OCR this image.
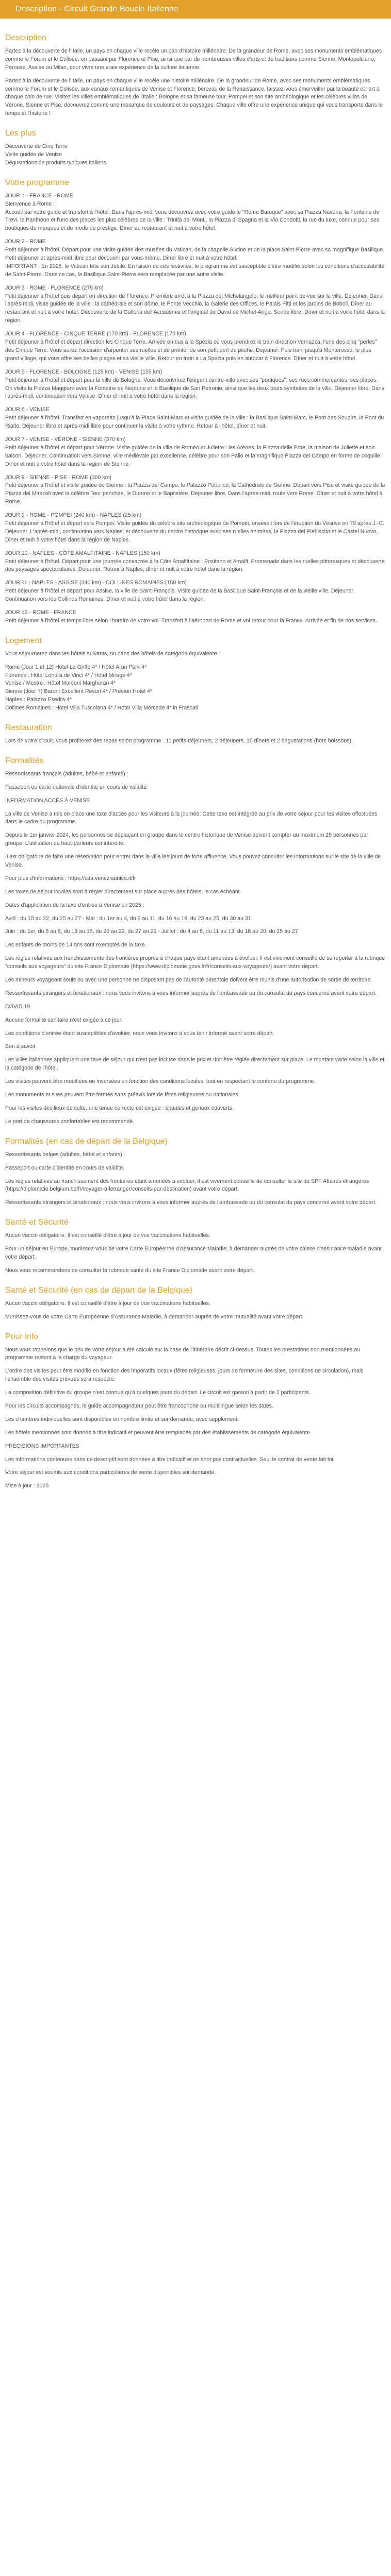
Description - Circuit Grande Boucle Italienne
Description

Partez à la découverte de l'Italie, un pays en chaque ville recèle un pan d'histoire millénaire. De la grandeur de Rome, avec ses monuments emblématiques comme le Forum et le Colisée, en passant par Florence et Pise, ainsi que par de nombreuses villes d'arts et de traditions comme Sienne, Montepulciano, Pérouse, Assise ou Milan, pour vivre une vraie expérience de la culture italienne.

Partez à la découverte de l'Italie, un pays en chaque ville recèle une histoire millénaire. De la grandeur de Rome, avec ses monuments emblématiques comme le Forum et le Colisée, aux canaux romantiques de Venise et Florence, berceau de la Renaissance, laissez-vous émerveiller par la beauté et l'art à chaque coin de rue. Visitez les villes emblématiques de l'Italie : Bologne et sa fameuse tour, Pompei et son site archéologique et les célèbres villas de Vérone, Sienne et Pise, découvrez comme une mosaïque de couleurs et de paysages. Chaque ville offre une expérience unique qui vous transporte dans le temps et l'histoire !

Les plus
Découverte de Cinq Terre
Visite guidée de Venise
Dégustations de produits typiques italiens
Votre programme
JOUR 1 - FRANCE - ROME
Bienvenue à Rome !
Accueil par votre guide et transfert à l'hôtel. Dans l'après-midi vous découvrez avec votre guide le "Rome Baroque" avec sa Piazza Navona, la Fontaine de Trevi, le Panthéon et l'une des places les plus célèbres de la ville : Trinità dei Monti, la Piazza di Spagna et la Via Condotti, la rue du luxe, connue pour ses boutiques de marques et de mode de prestige. Dîner au restaurant et nuit à votre hôtel.
JOUR 2 - ROME
Petit déjeuner à l'hôtel. Départ pour une visite guidée des musées du Vatican, de la chapelle Sixtine et de la place Saint-Pierre avec sa magnifique Basilique. Petit déjeuner et après-midi libre pour découvrir par vous-même. Dîner libre et nuit à votre hôtel.
IMPORTANT : En 2025, le Vatican fête son Jubilé. En raison de ces festivités, le programme est susceptible d'être modifié selon les conditions d'accessibilité de Saint-Pierre. Dans ce cas, la Basilique Saint-Pierre sera remplacée par une autre visite.
JOUR 3 - ROME - FLORENCE (275 km)
Petit déjeuner à l'hôtel puis départ en direction de Florence. Première arrêt à la Piazza del Michelangelo, le meilleur point de vue sur la ville. Déjeuner. Dans l'après-midi, visite guidée de la ville : la cathédrale et son dôme, le Ponte Vecchio, la Galerie des Offices, le Palais Pitti et les jardins de Boboli. Dîner au restaurant et nuit à votre hôtel. Découverte de la Galleria dell'Accademia et l'original du David de Michel-Ange. Soirée libre. Dîner et nuit à votre hôtel dans la région.
JOUR 4 - FLORENCE - CINQUE TERRE (170 km) - FLORENCE (170 km)
Petit déjeuner à l'hôtel et départ direction les Cinque Terre. Arrivée en bus à la Spezia où vous prendrez le train direction Vernazza, l'une des cinq "perles" des Cinque Terre. Vous aurez l'occasion d'arpenter ses ruelles et de profiter de son petit port de pêche. Déjeuner. Puis train jusqu'à Monterosso, le plus grand village, qui vous offre ses belles plages et sa vieille ville. Retour en train à La Spezia puis en autocar à Florence. Dîner et nuit à votre hôtel.
JOUR 5 - FLORENCE - BOLOGNE (125 km) - VENISE (155 km)
Petit déjeuner à l'hôtel et départ pour la ville de Bologne. Vous découvrirez l'élégant centre-ville avec ses "portiques", ses rues commerçantes, ses places. On visite la Piazza Maggiore avec la Fontaine de Neptune et la Basilique de San Petronio, ainsi que les deux tours symboles de la ville. Déjeuner libre. Dans l'après-midi, continuation vers Venise. Dîner et nuit à votre hôtel dans la région.
JOUR 6 - VENISE
Petit déjeuner à l'hôtel. Transfert en vaporetto jusqu'à la Place Saint-Marc et visite guidée de la ville : la Basilique Saint-Marc, le Pont des Soupirs, le Pont du Rialto. Déjeuner libre et après-midi libre pour continuer la visite à votre rythme. Retour à l'hôtel, dîner et nuit.
JOUR 7 - VENISE - VÉRONE - SIENNE (370 km)
Petit déjeuner à l'hôtel et départ pour Vérone. Visite guidée de la ville de Roméo et Juliette : les Arènes, la Piazza delle Erbe, la maison de Juliette et son balcon. Déjeuner. Continuation vers Sienne, ville médiévale par excellence, célèbre pour son Palio et la magnifique Piazza del Campo en forme de coquille. Dîner et nuit à votre hôtel dans la région de Sienne.
JOUR 8 - SIENNE - PISE - ROME (360 km)
Petit déjeuner à l'hôtel et visite guidée de Sienne : la Piazza del Campo, le Palazzo Pubblico, la Cathédrale de Sienne. Départ vers Pise et visite guidée de la Piazza dei Miracoli avec la célèbre Tour penchée, le Duomo et le Baptistère. Déjeuner libre. Dans l'après-midi, route vers Rome. Dîner et nuit à votre hôtel à Rome.
JOUR 9 - ROME - POMPEI (240 km) - NAPLES (25 km)
Petit déjeuner à l'hôtel et départ vers Pompéi. Visite guidée du célèbre site archéologique de Pompéi, enseveli lors de l'éruption du Vésuve en 79 après J.-C. Déjeuner. L'après-midi, continuation vers Naples, et découverte du centre historique avec ses ruelles animées, la Piazza del Plebiscito et le Castel Nuovo. Dîner et nuit à votre hôtel dans la région de Naples.
JOUR 10 - NAPLES - CÔTE AMALFITAINE - NAPLES (150 km)
Petit déjeuner à l'hôtel. Départ pour une journée consacrée à la Côte Amalfitaine : Positano et Amalfi. Promenade dans les ruelles pittoresques et découverte des paysages spectaculaires. Déjeuner. Retour à Naples, dîner et nuit à votre hôtel dans la région.
JOUR 11 - NAPLES - ASSISE (340 km) - COLLINES ROMAINES (150 km)
Petit déjeuner à l'hôtel et départ pour Assise, la ville de Saint-François. Visite guidée de la Basilique Saint-François et de la vieille ville. Déjeuner. Continuation vers les Collines Romaines. Dîner et nuit à votre hôtel dans la région.
JOUR 12 - ROME - FRANCE
Petit déjeuner à l'hôtel et temps libre selon l'horaire de votre vol. Transfert à l'aéroport de Rome et vol retour pour la France. Arrivée et fin de nos services.
Logement

Vous séjournerez dans les hôtels suivants, ou dans des hôtels de catégorie équivalente :

Rome (Jour 1 et 12) Hôtel La Griffe 4* / Hôtel Aran Park 4*
Florence : Hôtel Londra de Vinci 4* / Hôtel Mirage 4*
Venise / Mestre : Hôtel Marconi Margheran 4*
Sienne (Jour 7) Baroni Excellent Resort 4* / Preston Hotel 4*
Naples : Palazzo Esedra 4*
Collines Romaines : Hotel Villa Tuscolana 4* / Hotel Villa Mercede 4* in Frascati
Restauration

Lors de votre circuit, vous profiterez des repas selon programme : 11 petits-déjeuners, 2 déjeuners, 10 dîners et 2 dégustations (hors boissons).

Formalités

Ressortissants français (adultes, bébé et enfants) :

Passeport ou carte nationale d'identité en cours de validité.

INFORMATION ACCÈS À VENISE

La ville de Venise a mis en place une taxe d'accès pour les visiteurs à la journée. Cette taxe est intégrée au prix de votre séjour pour les visites effectuées dans le cadre du programme.

Depuis le 1er janvier 2024, les personnes se déplaçant en groupe dans le centre historique de Venise doivent compter au maximum 25 personnes par groupe. L'utilisation de haut-parleurs est interdite.

Il est obligatoire de faire une réservation pour entrer dans la ville les jours de forte affluence. Vous pouvez consulter les informations sur le site de la ville de Venise.

Pour plus d'informations : https://cda.veneziaunica.it/fr

Les taxes de séjour locales sont à régler directement sur place auprès des hôtels, le cas échéant.

Dates d'application de la taxe d'entrée à Venise en 2025 :

Avril : du 18 au 22, du 25 au 27 - Mai : du 1er au 4, du 9 au 11, du 16 au 18, du 23 au 25, du 30 au 31

Juin : du 1er, du 6 au 8, du 13 au 15, du 20 au 22, du 27 au 29 - Juillet : du 4 au 6, du 11 au 13, du 18 au 20, du 25 au 27

Les enfants de moins de 14 ans sont exemptés de la taxe.

Les règles relatives aux franchissements des frontières propres à chaque pays étant amenées à évoluer, il est vivement conseillé de se reporter à la rubrique "conseils aux voyageurs" du site France Diplomatie (https://www.diplomatie.gouv.fr/fr/conseils-aux-voyageurs/) avant votre départ.

Les mineurs voyageant seuls ou avec une personne ne disposant pas de l'autorité parentale doivent être munis d'une autorisation de sortie de territoire.

Ressortissants étrangers et binationaux : nous vous invitons à vous informer auprès de l'ambassade ou du consulat du pays concerné avant votre départ.

COVID 19

Aucune formalité sanitaire n'est exigée à ce jour.

Les conditions d'entrée étant susceptibles d'évoluer, nous vous invitons à vous tenir informé avant votre départ.

Bon à savoir

Les villes italiennes appliquent une taxe de séjour qui n'est pas incluse dans le prix et doit être réglée directement sur place. Le montant varie selon la ville et la catégorie de l'hôtel.

Les visites peuvent être modifiées ou inversées en fonction des conditions locales, tout en respectant le contenu du programme.

Les monuments et sites peuvent être fermés sans préavis lors de fêtes religieuses ou nationales.

Pour les visites des lieux de culte, une tenue correcte est exigée : épaules et genoux couverts.

Le port de chaussures confortables est recommandé.

Formalités (en cas de départ de la Belgique)

Ressortissants belges (adultes, bébé et enfants) :

Passeport ou carte d'identité en cours de validité.

Les règles relatives au franchissement des frontières étant amenées à évoluer, il est vivement conseillé de consulter le site du SPF Affaires étrangères (https://diplomatie.belgium.be/fr/voyager-a-letranger/conseils-par-destination) avant votre départ.

Ressortissants étrangers et binationaux : nous vous invitons à vous informer auprès de l'ambassade ou du consulat du pays concerné avant votre départ.

Santé et Sécurité

Aucun vaccin obligatoire. Il est conseillé d'être à jour de vos vaccinations habituelles.

Pour un séjour en Europe, munissez-vous de votre Carte Européenne d'Assurance Maladie, à demander auprès de votre caisse d'assurance maladie avant votre départ.

Nous vous recommandons de consulter la rubrique santé du site France Diplomatie avant votre départ.

Santé et Sécurité (en cas de départ de la Belgique)

Aucun vaccin obligatoire. Il est conseillé d'être à jour de vos vaccinations habituelles.

Munissez-vous de votre Carte Européenne d'Assurance Maladie, à demander auprès de votre mutualité avant votre départ.

Pour info

Nous vous rappelons que le prix de votre séjour a été calculé sur la base de l'itinéraire décrit ci-dessus. Toutes les prestations non mentionnées au programme restent à la charge du voyageur.

L'ordre des visites peut être modifié en fonction des impératifs locaux (fêtes religieuses, jours de fermeture des sites, conditions de circulation), mais l'ensemble des visites prévues sera respecté.

La composition définitive du groupe n'est connue qu'à quelques jours du départ. Le circuit est garanti à partir de 2 participants.

Pour les circuits accompagnés, le guide accompagnateur peut être francophone ou multilingue selon les dates.

Les chambres individuelles sont disponibles en nombre limité et sur demande, avec supplément.

Les hôtels mentionnés sont donnés à titre indicatif et peuvent être remplacés par des établissements de catégorie équivalente.

PRÉCISIONS IMPORTANTES

Les informations contenues dans ce descriptif sont données à titre indicatif et ne sont pas contractuelles. Seul le contrat de vente fait foi.

Votre séjour est soumis aux conditions particulières de vente disponibles sur demande.

Mise à jour : 2025
